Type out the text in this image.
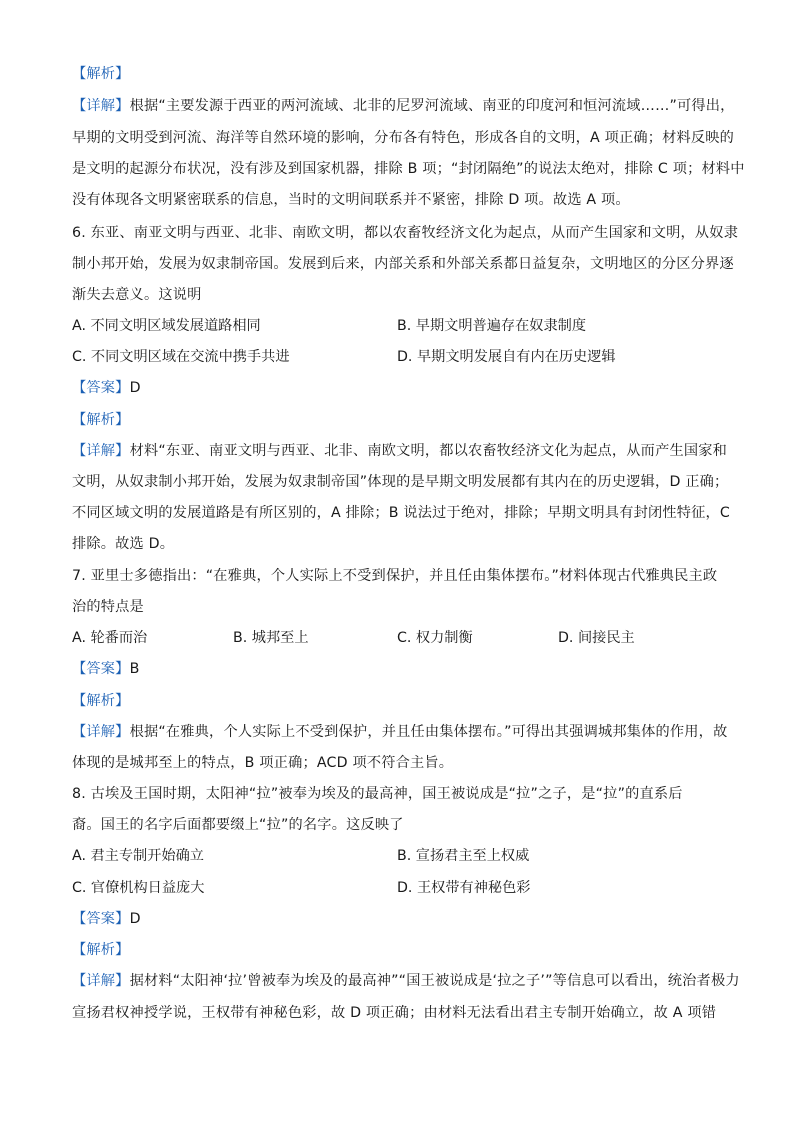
【解析】
【详解】根据“主要发源于西亚的两河流域、北非的尼罗河流域、南亚的印度河和恒河流域……”可得出，
早期的文明受到河流、海洋等自然环境的影响，分布各有特色，形成各自的文明，A 项正确；材料反映的
是文明的起源分布状况，没有涉及到国家机器，排除 B 项；“封闭隔绝”的说法太绝对，排除 C 项；材料中
没有体现各文明紧密联系的信息，当时的文明间联系并不紧密，排除 D 项。故选 A 项。
6. 东亚、南亚文明与西亚、北非、南欧文明，都以农畜牧经济文化为起点，从而产生国家和文明，从奴隶
制小邦开始，发展为奴隶制帝国。发展到后来，内部关系和外部关系都日益复杂，文明地区的分区分界逐
渐失去意义。这说明
【答案】D
【解析】
【详解】材料“东亚、南亚文明与西亚、北非、南欧文明，都以农畜牧经济文化为起点，从而产生国家和
文明，从奴隶制小邦开始，发展为奴隶制帝国”体现的是早期文明发展都有其内在的历史逻辑，D 正确；
不同区域文明的发展道路是有所区别的，A 排除；B 说法过于绝对，排除；早期文明具有封闭性特征，C
排除。故选 D。
7. 亚里士多德指出：“在雅典，个人实际上不受到保护，并且任由集体摆布。”材料体现古代雅典民主政
治的特点是
【答案】B
【解析】
【详解】根据“在雅典，个人实际上不受到保护，并且任由集体摆布。”可得出其强调城邦集体的作用，故
体现的是城邦至上的特点，B 项正确；ACD 项不符合主旨。
8. 古埃及王国时期，太阳神“拉”被奉为埃及的最高神，国王被说成是“拉”之子，是“拉”的直系后
裔。国王的名字后面都要缀上“拉”的名字。这反映了
【答案】D
【解析】
【详解】据材料“太阳神‘拉’曾被奉为埃及的最高神”“国王被说成是‘拉之子’”等信息可以看出，统治者极力
宣扬君权神授学说，王权带有神秘色彩，故 D 项正确；由材料无法看出君主专制开始确立，故 A 项错
A. 不同文明区域发展道路相同	B. 早期文明普遍存在奴隶制度
C. 不同文明区域在交流中携手共进	D. 早期文明发展自有内在历史逻辑
A. 轮番而治	B. 城邦至上	C. 权力制衡	D. 间接民主
A. 君主专制开始确立	B. 宣扬君主至上权威
C. 官僚机构日益庞大	D. 王权带有神秘色彩
